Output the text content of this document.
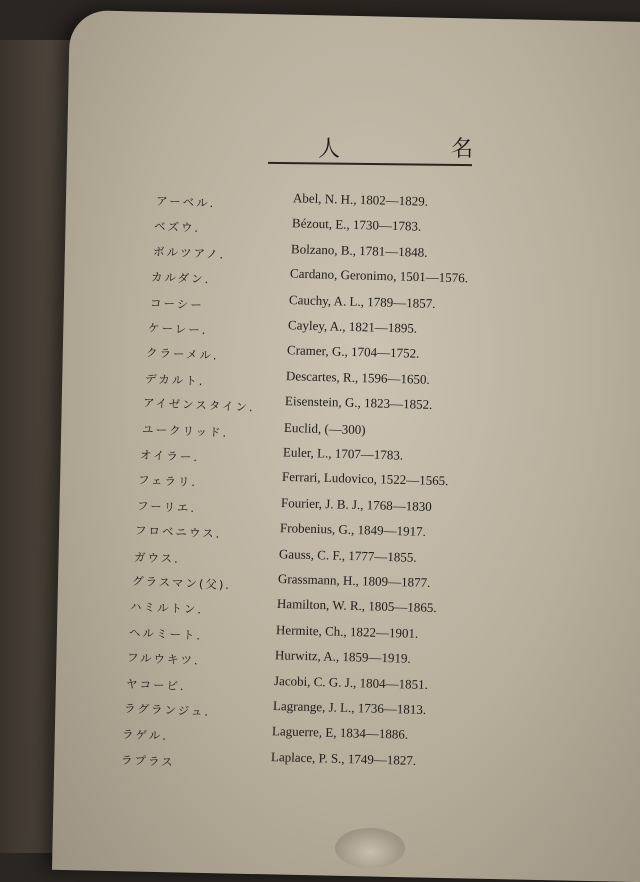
人 名
アーベル.	Abel, N. H., 1802—1829.
ベズウ.	Bézout, E., 1730—1783.
ボルツアノ.	Bolzano, B., 1781—1848.
カルダン.	Cardano, Geronimo, 1501—1576.
コーシー	Cauchy, A. L., 1789—1857.
ケーレー.	Cayley, A., 1821—1895.
クラーメル.	Cramer, G., 1704—1752.
デカルト.	Descartes, R., 1596—1650.
アイゼンスタイン. Eisenstein, G., 1823—1852.
ユークリッド.	Euclid, (—300)
オイラー.	Euler, L., 1707—1783.
フェラリ.	Ferrari, Ludovico, 1522—1565.
フーリエ.	Fourier, J. B. J., 1768—1830
フロベニウス.	Frobenius, G., 1849—1917.
ガウス.	Gauss, C. F., 1777—1855.
グラスマン(父).	Grassmann, H., 1809—1877.
ハミルトン.	Hamilton, W. R., 1805—1865.
ヘルミート.	Hermite, Ch., 1822—1901.
フルウキツ.	Hurwitz, A., 1859—1919.
ヤコービ.	Jacobi, C. G. J., 1804—1851.
ラグランジュ.	Lagrange, J. L., 1736—1813.
ラゲル.	Laguerre, E, 1834—1886.
ラプラス	Laplace, P. S., 1749—1827.
